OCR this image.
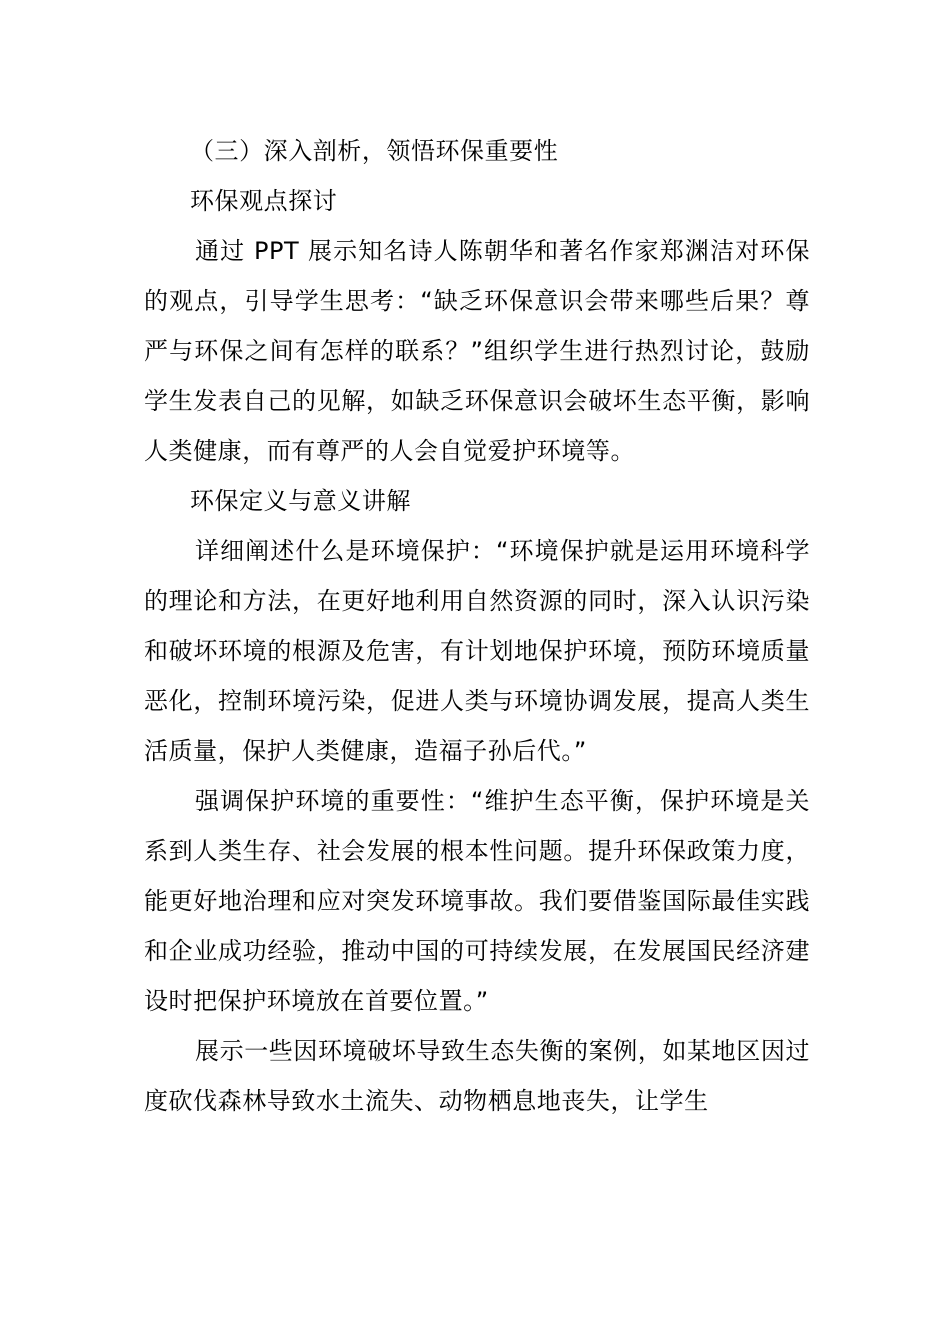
（三）深入剖析，领悟环保重要性

环保观点探讨

通过 PPT 展示知名诗人陈朝华和著名作家郑渊洁对环保的观点，引导学生思考：“缺乏环保意识会带来哪些后果？尊严与环保之间有怎样的联系？”组织学生进行热烈讨论，鼓励学生发表自己的见解，如缺乏环保意识会破坏生态平衡，影响人类健康，而有尊严的人会自觉爱护环境等。

环保定义与意义讲解

详细阐述什么是环境保护：“环境保护就是运用环境科学的理论和方法，在更好地利用自然资源的同时，深入认识污染和破坏环境的根源及危害，有计划地保护环境，预防环境质量恶化，控制环境污染，促进人类与环境协调发展，提高人类生活质量，保护人类健康，造福子孙后代。”

强调保护环境的重要性：“维护生态平衡，保护环境是关系到人类生存、社会发展的根本性问题。提升环保政策力度，能更好地治理和应对突发环境事故。我们要借鉴国际最佳实践和企业成功经验，推动中国的可持续发展，在发展国民经济建设时把保护环境放在首要位置。”

展示一些因环境破坏导致生态失衡的案例，如某地区因过度砍伐森林导致水土流失、动物栖息地丧失，让学生
